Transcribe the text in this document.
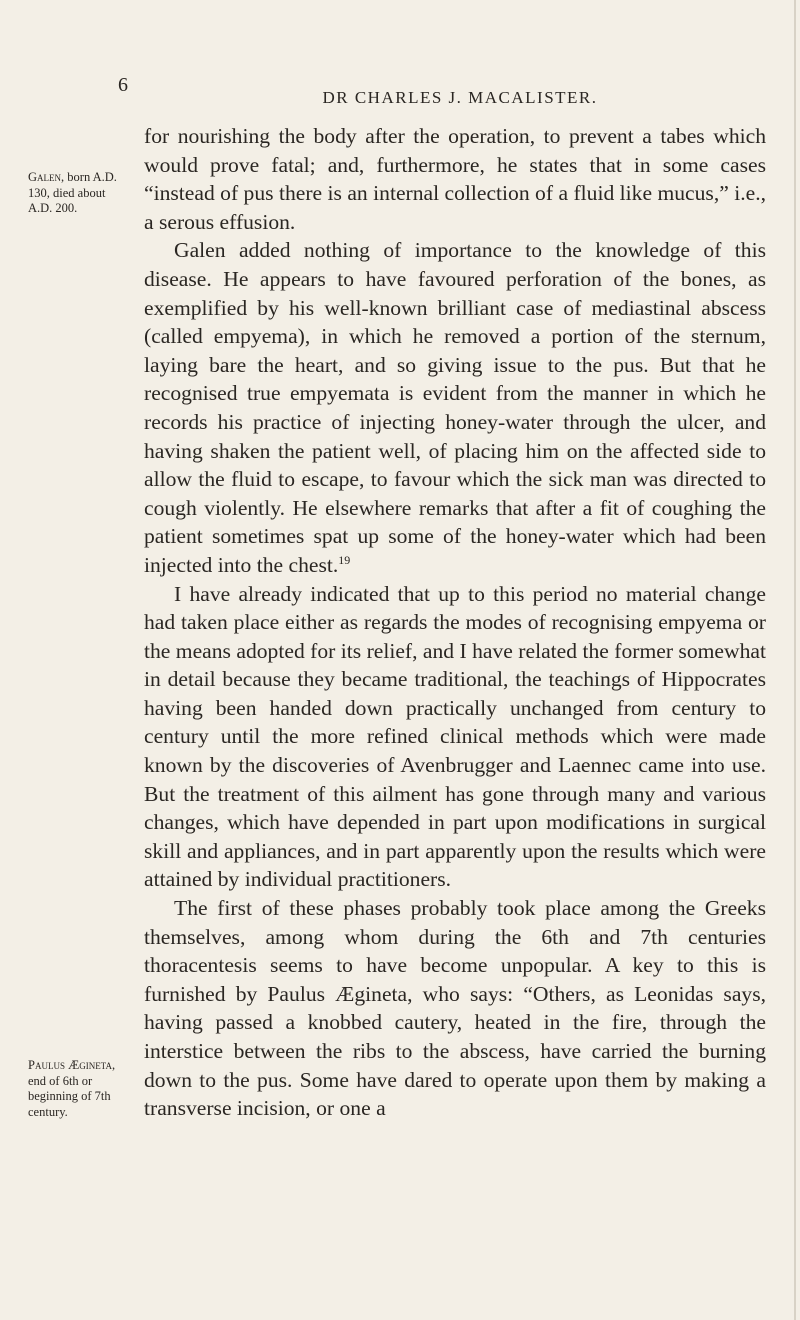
6
DR CHARLES J. MACALISTER.
Galen, born A.D. 130, died about A.D. 200.
Paulus Ægineta, end of 6th or beginning of 7th century.

for nourishing the body after the operation, to prevent a tabes which would prove fatal; and, furthermore, he states that in some cases “instead of pus there is an internal collection of a fluid like mucus,” i.e., a serous effusion.

Galen added nothing of importance to the knowledge of this disease. He appears to have favoured perforation of the bones, as exemplified by his well-known brilliant case of mediastinal abscess (called empyema), in which he removed a portion of the sternum, laying bare the heart, and so giving issue to the pus. But that he recognised true empyemata is evident from the manner in which he records his practice of injecting honey-water through the ulcer, and having shaken the patient well, of placing him on the affected side to allow the fluid to escape, to favour which the sick man was directed to cough violently. He elsewhere remarks that after a fit of coughing the patient sometimes spat up some of the honey-water which had been injected into the chest.$^{19}$

I have already indicated that up to this period no material change had taken place either as regards the modes of recognising empyema or the means adopted for its relief, and I have related the former somewhat in detail because they became traditional, the teachings of Hippocrates having been handed down practically unchanged from century to century until the more refined clinical methods which were made known by the discoveries of Avenbrugger and Laennec came into use. But the treatment of this ailment has gone through many and various changes, which have depended in part upon modifications in surgical skill and appliances, and in part apparently upon the results which were attained by individual practitioners.

The first of these phases probably took place among the Greeks themselves, among whom during the 6th and 7th centuries thoracentesis seems to have become unpopular. A key to this is furnished by Paulus Ægineta, who says: “Others, as Leonidas says, having passed a knobbed cautery, heated in the fire, through the interstice between the ribs to the abscess, have carried the burning down to the pus. Some have dared to operate upon them by making a transverse incision, or one a
